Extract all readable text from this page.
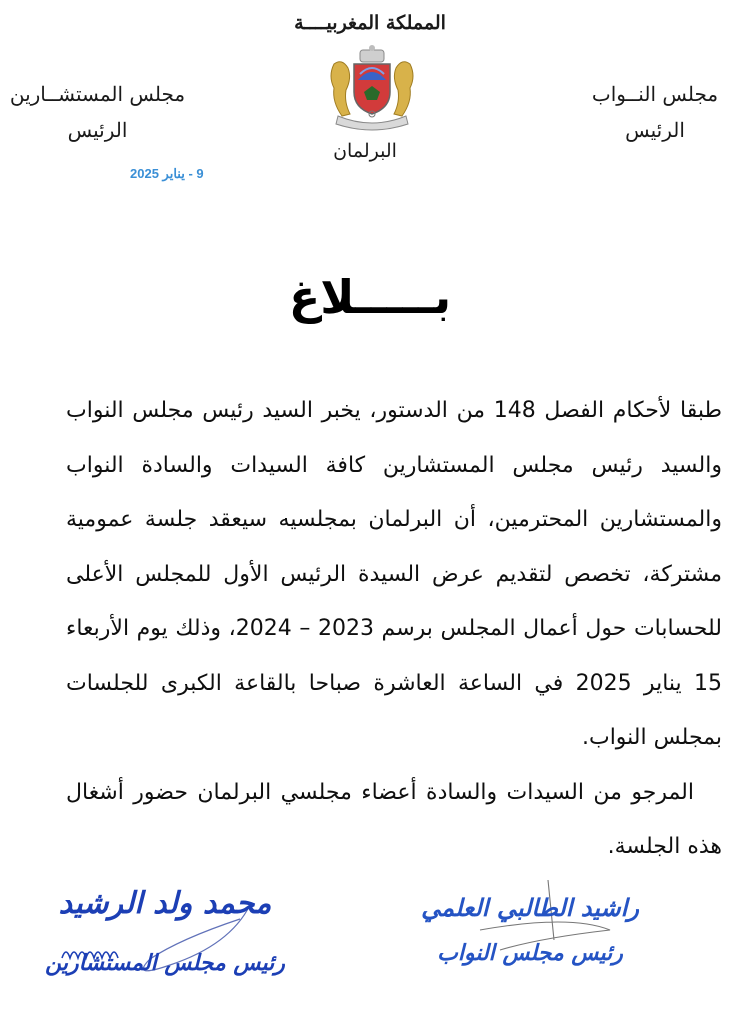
المملكة المغربيــــة
مجلس المستشــارين
الرئيس
مجلس النــواب
الرئيس
البرلمان
9 - يناير 2025
بـــــلاغ

طبقا لأحكام الفصل 148 من الدستور، يخبر السيد رئيس مجلس النواب والسيد رئيس مجلس المستشارين كافة السيدات والسادة النواب والمستشارين المحترمين، أن البرلمان بمجلسيه سيعقد جلسة عمومية مشتركة، تخصص لتقديم عرض السيدة الرئيس الأول للمجلس الأعلى للحسابات حول أعمال المجلس برسم 2023 – 2024، وذلك يوم الأربعاء 15 يناير 2025 في الساعة العاشرة صباحا بالقاعة الكبرى للجلسات بمجلس النواب.

المرجو من السيدات والسادة أعضاء مجلسي البرلمان حضور أشغال هذه الجلسة.

محمد ولد الرشيد
رئيس مجلس المستشارين
راشيد الطالبي العلمي
رئيس مجلس النواب
